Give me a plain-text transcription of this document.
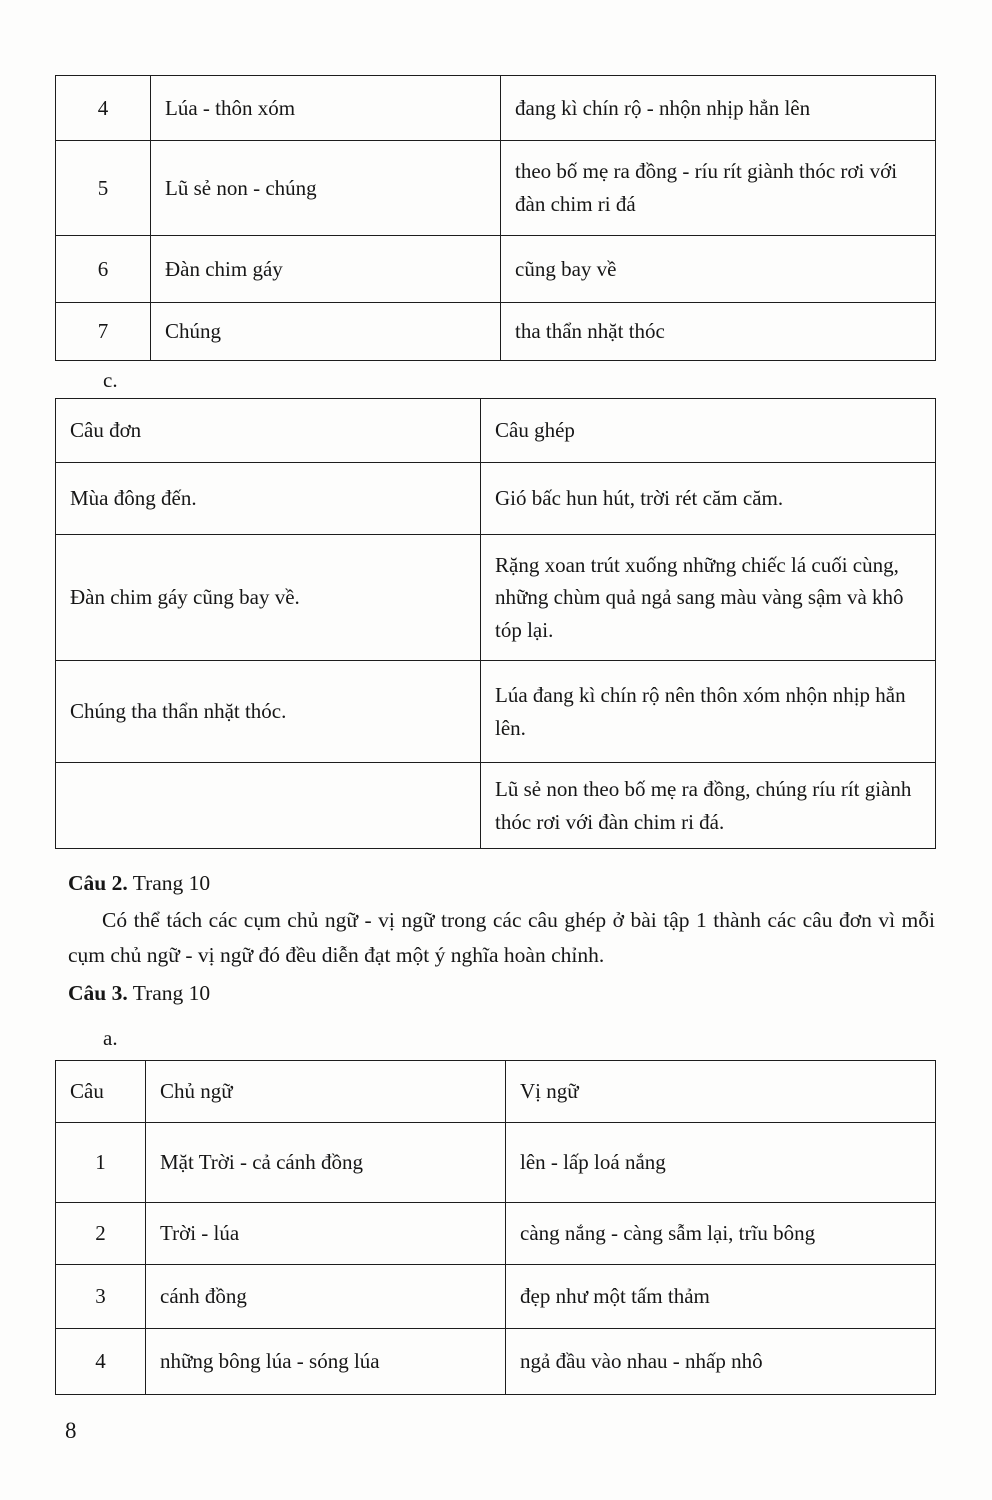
4	Lúa - thôn xóm	đang kì chín rộ - nhộn nhịp hẳn lên
5	Lũ sẻ non - chúng	theo bố mẹ ra đồng - ríu rít giành thóc rơi với đàn chim ri đá
6	Đàn chim gáy	cũng bay về
7	Chúng	tha thẩn nhặt thóc
c.
Câu đơn	Câu ghép
Mùa đông đến.	Gió bấc hun hút, trời rét căm căm.
Đàn chim gáy cũng bay về.	Rặng xoan trút xuống những chiếc lá cuối cùng, những chùm quả ngả sang màu vàng sậm và khô tóp lại.
Chúng tha thẩn nhặt thóc.	Lúa đang kì chín rộ nên thôn xóm nhộn nhịp hẳn lên.
	Lũ sẻ non theo bố mẹ ra đồng, chúng ríu rít giành thóc rơi với đàn chim ri đá.

Câu 2. Trang 10

Có thể tách các cụm chủ ngữ - vị ngữ trong các câu ghép ở bài tập 1 thành các câu đơn vì mỗi cụm chủ ngữ - vị ngữ đó đều diễn đạt một ý nghĩa hoàn chỉnh.

Câu 3. Trang 10

a.
Câu	Chủ ngữ	Vị ngữ
1	Mặt Trời - cả cánh đồng	lên - lấp loá nắng
2	Trời - lúa	càng nắng - càng sẫm lại, trĩu bông
3	cánh đồng	đẹp như một tấm thảm
4	những bông lúa - sóng lúa	ngả đầu vào nhau - nhấp nhô
8
